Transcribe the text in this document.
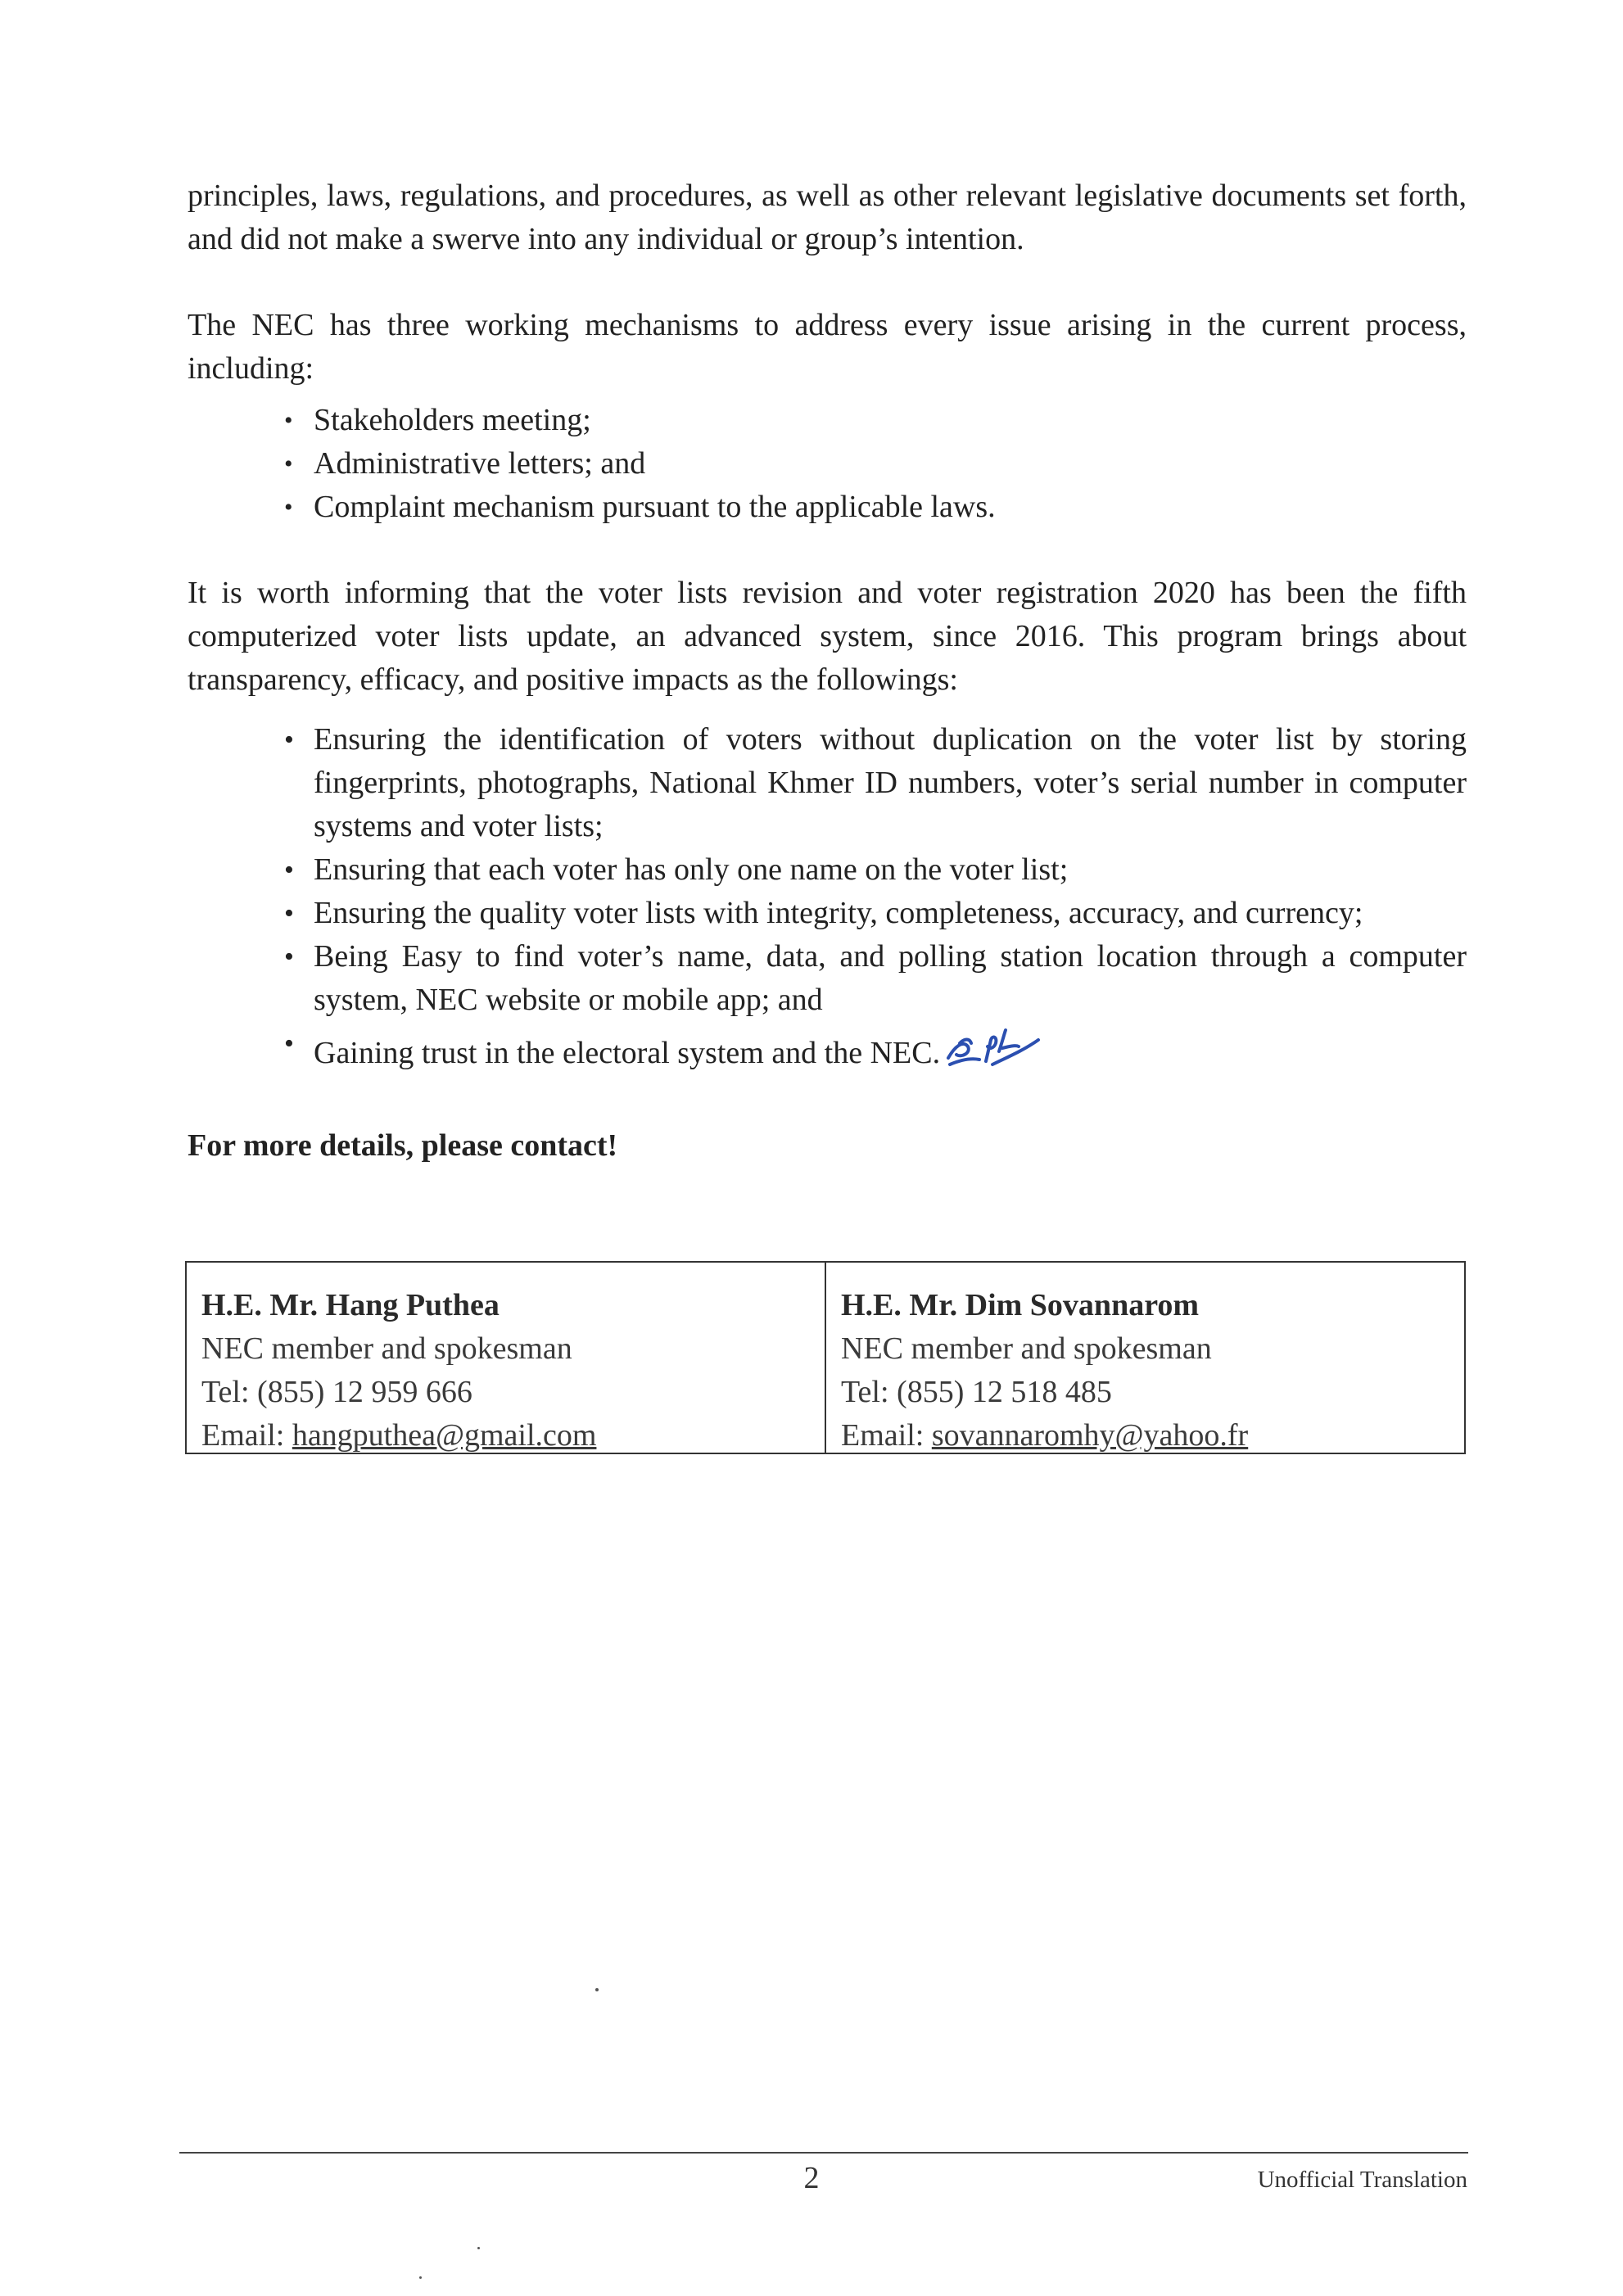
principles, laws, regulations, and procedures, as well as other relevant legislative documents set forth, and did not make a swerve into any individual or group’s intention.

The NEC has three working mechanisms to address every issue arising in the current process, including:

• Stakeholders meeting;
• Administrative letters; and
• Complaint mechanism pursuant to the applicable laws.

It is worth informing that the voter lists revision and voter registration 2020 has been the fifth computerized voter lists update, an advanced system, since 2016. This program brings about transparency, efficacy, and positive impacts as the followings:

• Ensuring the identification of voters without duplication on the voter list by storing fingerprints, photographs, National Khmer ID numbers, voter’s serial number in computer systems and voter lists;
• Ensuring that each voter has only one name on the voter list;
• Ensuring the quality voter lists with integrity, completeness, accuracy, and currency;
• Being Easy to find voter’s name, data, and polling station location through a computer system, NEC website or mobile app; and
• Gaining trust in the electoral system and the NEC.

For more details, please contact!

H.E. Mr. Hang Puthea
NEC member and spokesman
Tel: (855) 12 959 666
Email: hangputhea@gmail.com
H.E. Mr. Dim Sovannarom
NEC member and spokesman
Tel: (855) 12 518 485
Email: sovannaromhy@yahoo.fr
2	Unofficial Translation
